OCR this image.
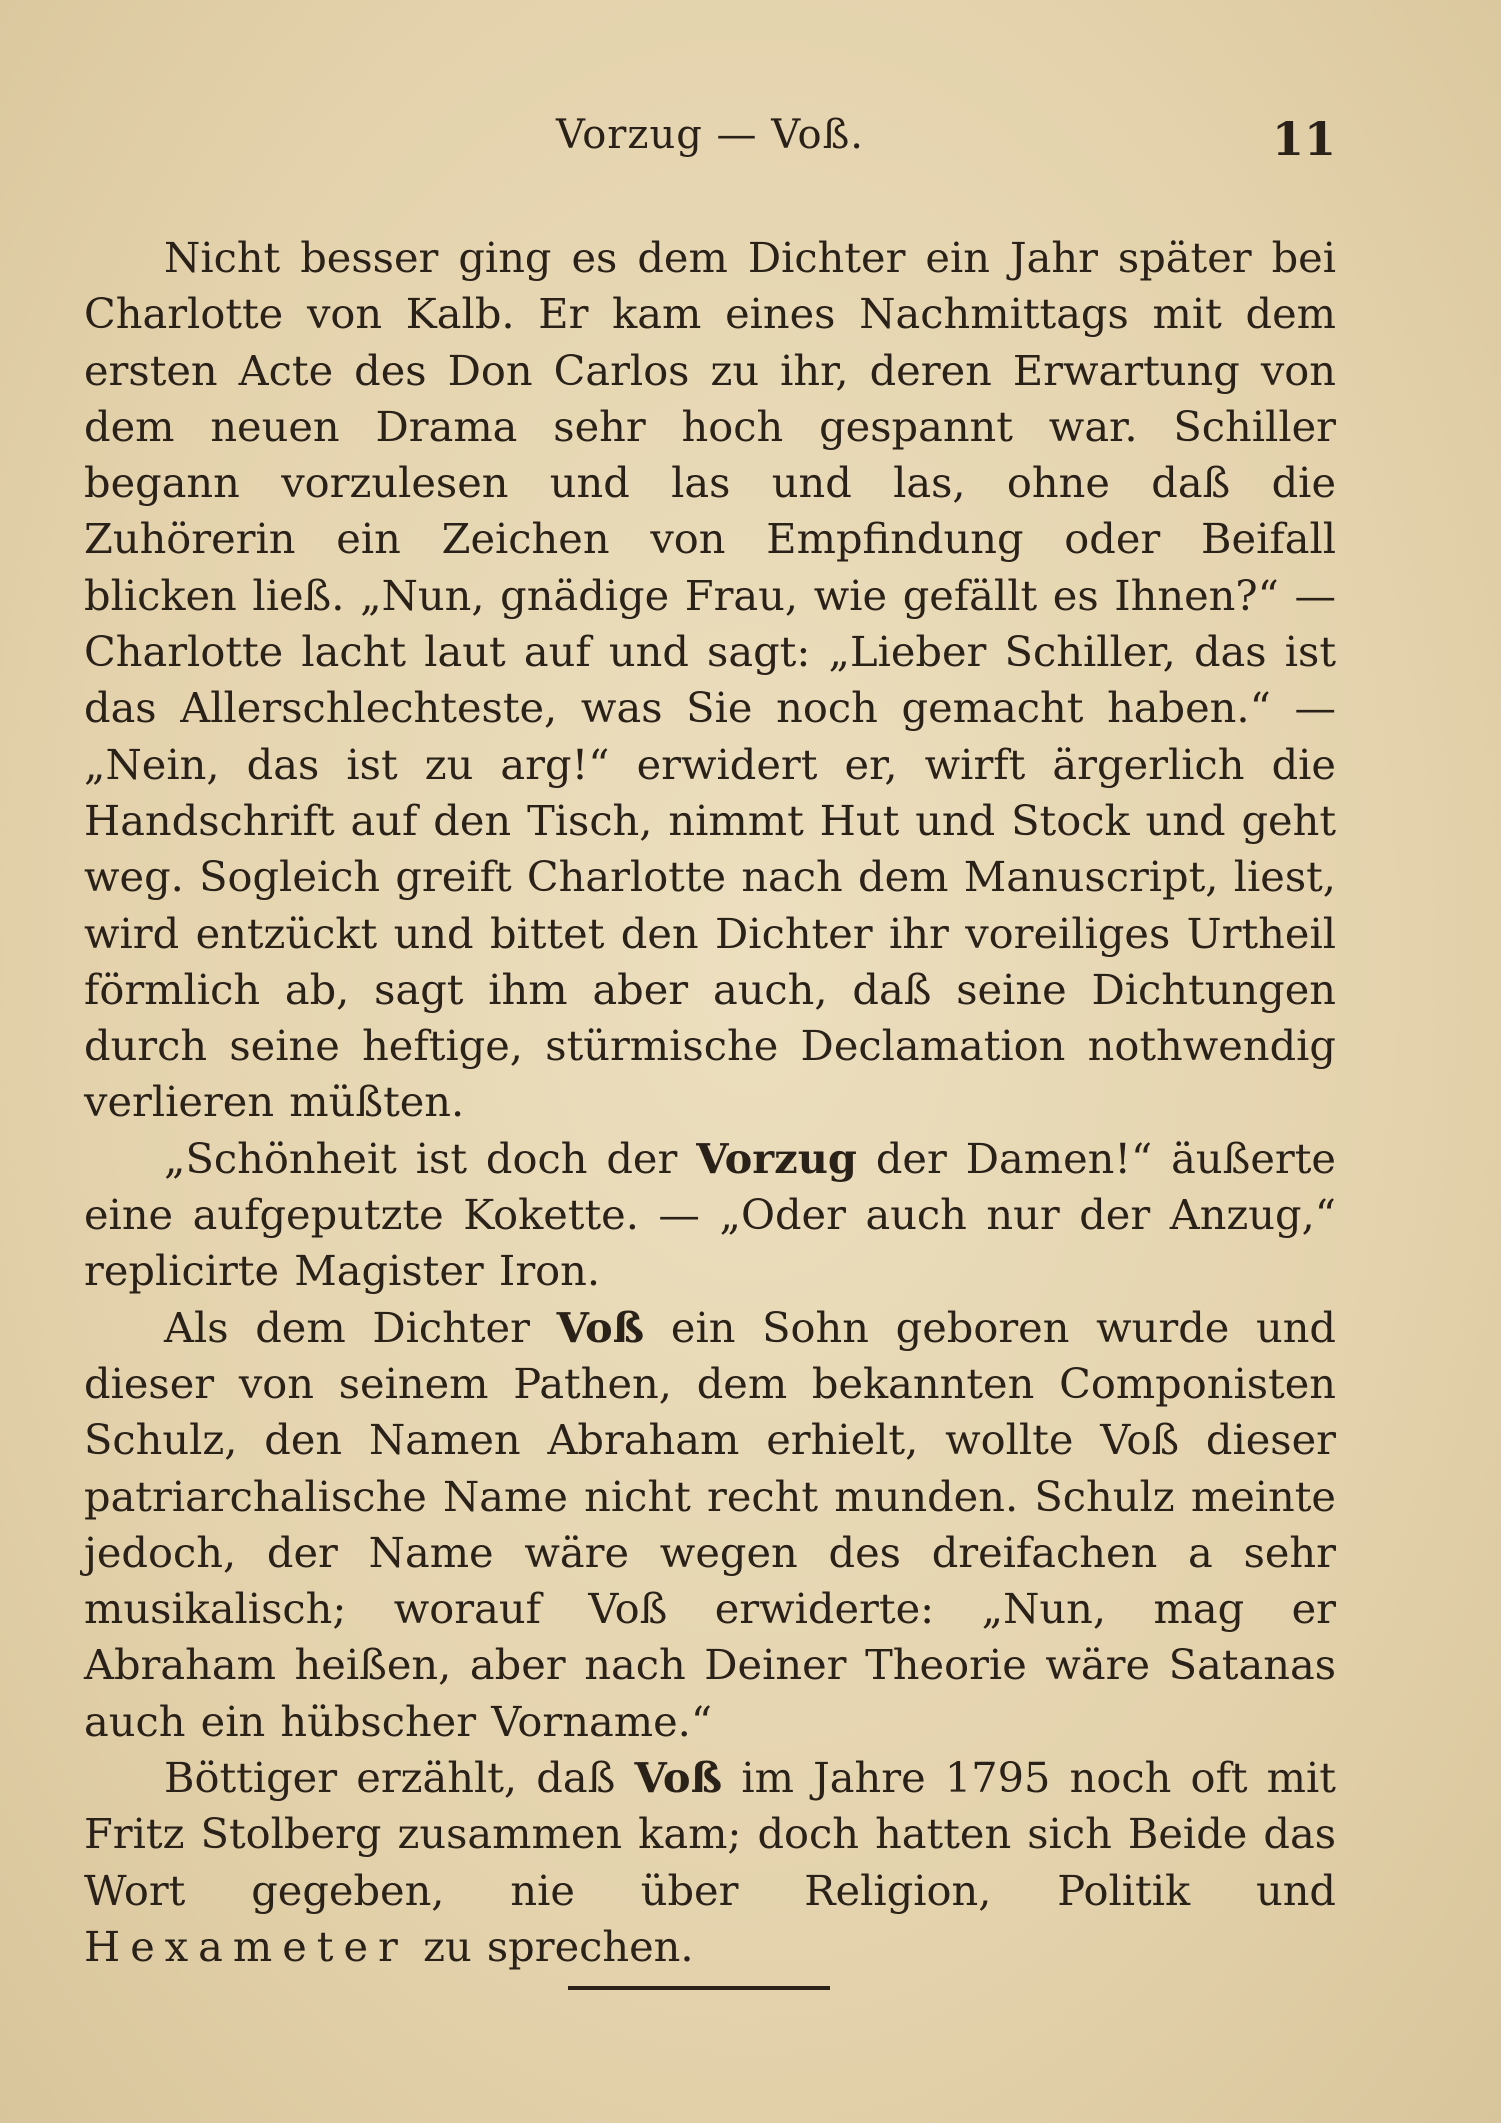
Vorzug — Voß.	11

Nicht besser ging es dem Dichter ein Jahr später bei Charlotte von Kalb. Er kam eines Nachmittags mit dem ersten Acte des Don Carlos zu ihr, deren Erwartung von dem neuen Drama sehr hoch gespannt war. Schiller begann vorzulesen und las und las, ohne daß die Zuhörerin ein Zeichen von Empfindung oder Beifall blicken ließ. „Nun, gnädige Frau, wie gefällt es Ihnen?“ — Charlotte lacht laut auf und sagt: „Lieber Schiller, das ist das Allerschlechteste, was Sie noch gemacht haben.“ — „Nein, das ist zu arg!“ erwidert er, wirft ärgerlich die Handschrift auf den Tisch, nimmt Hut und Stock und geht weg. Sogleich greift Charlotte nach dem Manuscript, liest, wird entzückt und bittet den Dichter ihr voreiliges Urtheil förmlich ab, sagt ihm aber auch, daß seine Dichtungen durch seine heftige, stürmische Declamation nothwendig verlieren müßten.

„Schönheit ist doch der Vorzug der Damen!“ äußerte eine aufgeputzte Kokette. — „Oder auch nur der Anzug,“ replicirte Magister Iron.

Als dem Dichter Voß ein Sohn geboren wurde und dieser von seinem Pathen, dem bekannten Componisten Schulz, den Namen Abraham erhielt, wollte Voß dieser patriarchalische Name nicht recht munden. Schulz meinte jedoch, der Name wäre wegen des dreifachen a sehr musikalisch; worauf Voß erwiderte: „Nun, mag er Abraham heißen, aber nach Deiner Theorie wäre Satanas auch ein hübscher Vorname.“

Böttiger erzählt, daß Voß im Jahre 1795 noch oft mit Fritz Stolberg zusammen kam; doch hatten sich Beide das Wort gegeben, nie über Religion, Politik und Hexameter zu sprechen.
